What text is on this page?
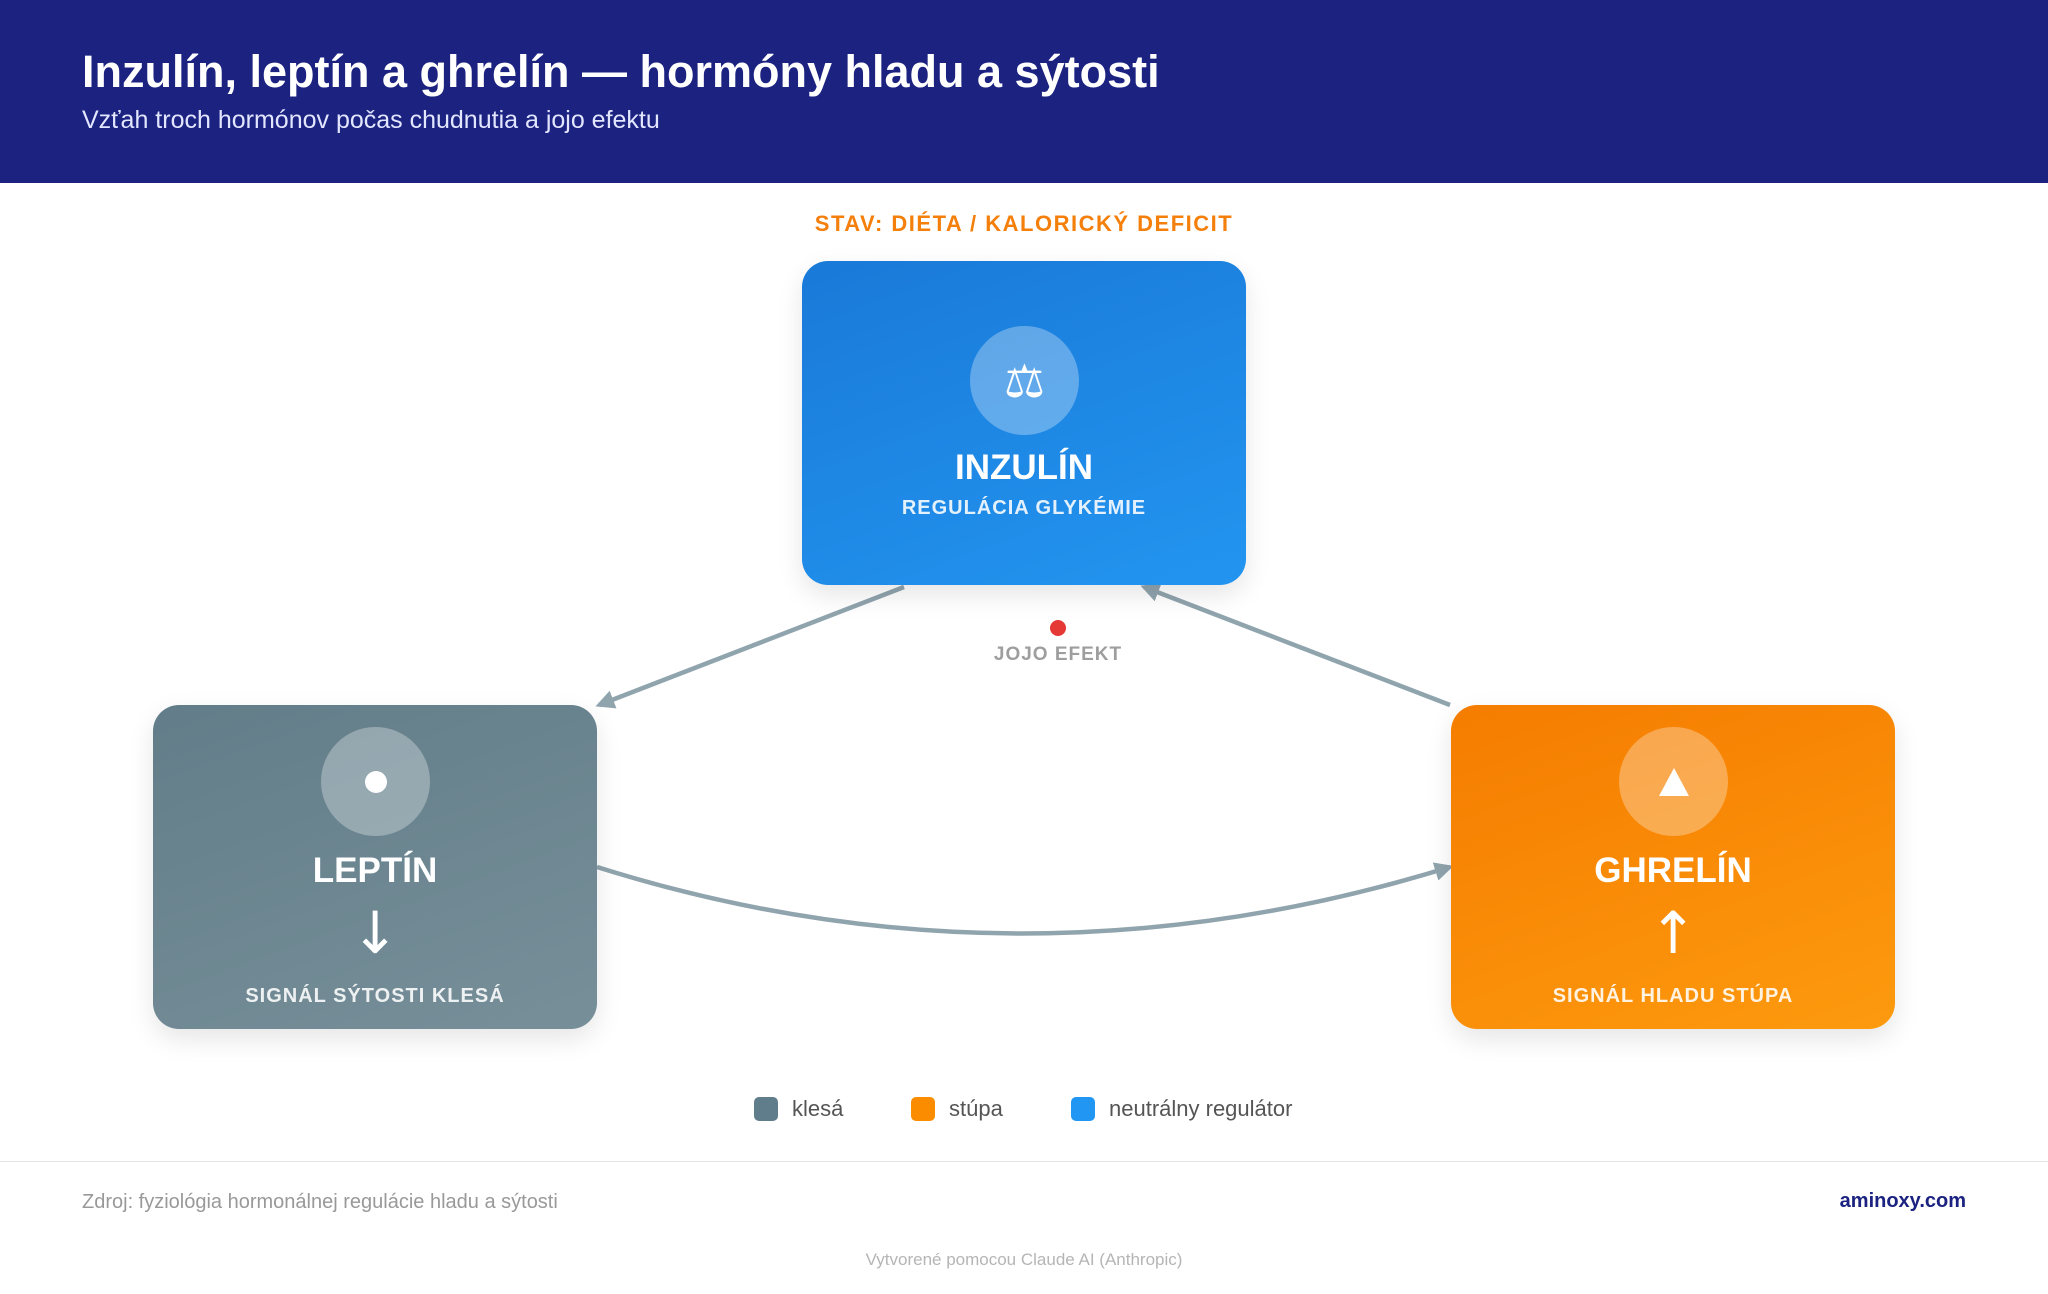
Inzulín, leptín a ghrelín — hormóny hladu a sýtosti
Vzťah troch hormónov počas chudnutia a jojo efektu
STAV: DIÉTA / KALORICKÝ DEFICIT
⚖
INZULÍN
REGULÁCIA GLYKÉMIE
LEPTÍN
↓
SIGNÁL SÝTOSTI KLESÁ
GHRELÍN
↑
SIGNÁL HLADU STÚPA
JOJO EFEKT
klesá	stúpa	neutrálny regulátor
Zdroj: fyziológia hormonálnej regulácie hladu a sýtosti	aminoxy.com
Vytvorené pomocou Claude AI (Anthropic)
